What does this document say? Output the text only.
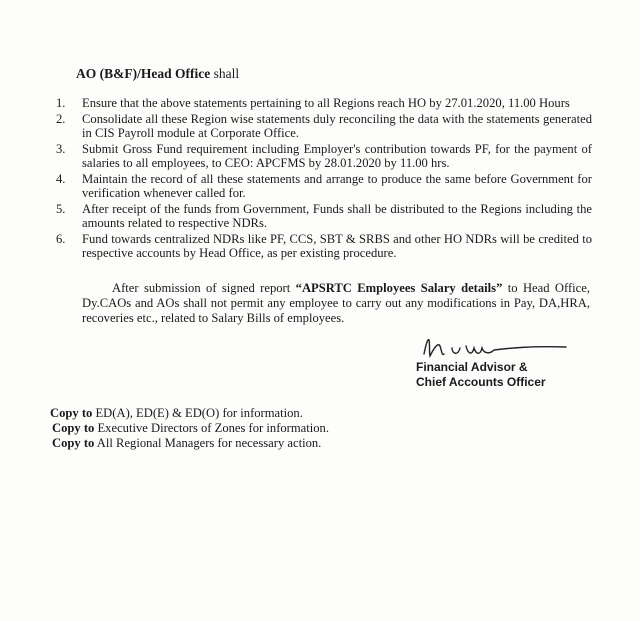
AO (B&F)/Head Office shall
1. Ensure that the above statements pertaining to all Regions reach HO by 27.01.2020, 11.00 Hours
2. Consolidate all these Region wise statements duly reconciling the data with the statements generated in CIS Payroll module at Corporate Office.
3. Submit Gross Fund requirement including Employer's contribution towards PF, for the payment of salaries to all employees, to CEO: APCFMS by 28.01.2020 by 11.00 hrs.
4. Maintain the record of all these statements and arrange to produce the same before Government for verification whenever called for.
5. After receipt of the funds from Government, Funds shall be distributed to the Regions including the amounts related to respective NDRs.
6. Fund towards centralized NDRs like PF, CCS, SBT & SRBS and other HO NDRs will be credited to respective accounts by Head Office, as per existing procedure.

After submission of signed report “APSRTC Employees Salary details” to Head Office, Dy.CAOs and AOs shall not permit any employee to carry out any modifications in Pay, DA,HRA, recoveries etc., related to Salary Bills of employees.

Financial Advisor &
Chief Accounts Officer
Copy to ED(A), ED(E) & ED(O) for information.
Copy to Executive Directors of Zones for information.
Copy to All Regional Managers for necessary action.
